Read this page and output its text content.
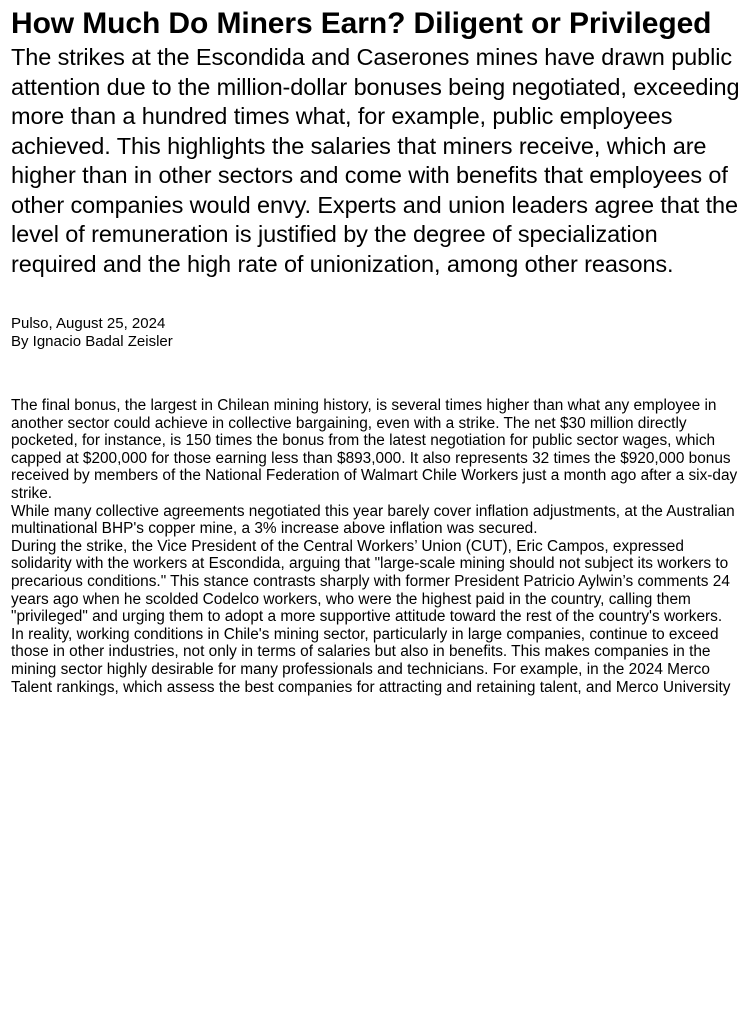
How Much Do Miners Earn? Diligent or Privileged

The strikes at the Escondida and Caserones mines have drawn public attention due to the million-dollar bonuses being negotiated, exceeding more than a hundred times what, for example, public employees achieved. This highlights the salaries that miners receive, which are higher than in other sectors and come with benefits that employees of other companies would envy. Experts and union leaders agree that the level of remuneration is justified by the degree of specialization required and the high rate of unionization, among other reasons.

Pulso, August 25, 2024
By Ignacio Badal Zeisler

The final bonus, the largest in Chilean mining history, is several times higher than what any employee in another sector could achieve in collective bargaining, even with a strike. The net $30 million directly pocketed, for instance, is 150 times the bonus from the latest negotiation for public sector wages, which capped at $200,000 for those earning less than $893,000. It also represents 32 times the $920,000 bonus received by members of the National Federation of Walmart Chile Workers just a month ago after a six-day strike.

While many collective agreements negotiated this year barely cover inflation adjustments, at the Australian multinational BHP's copper mine, a 3% increase above inflation was secured.

During the strike, the Vice President of the Central Workers’ Union (CUT), Eric Campos, expressed solidarity with the workers at Escondida, arguing that "large-scale mining should not subject its workers to precarious conditions." This stance contrasts sharply with former President Patricio Aylwin’s comments 24 years ago when he scolded Codelco workers, who were the highest paid in the country, calling them "privileged" and urging them to adopt a more supportive attitude toward the rest of the country's workers.

In reality, working conditions in Chile's mining sector, particularly in large companies, continue to exceed those in other industries, not only in terms of salaries but also in benefits. This makes companies in the mining sector highly desirable for many professionals and technicians. For example, in the 2024 Merco Talent rankings, which assess the best companies for attracting and retaining talent, and Merco University
